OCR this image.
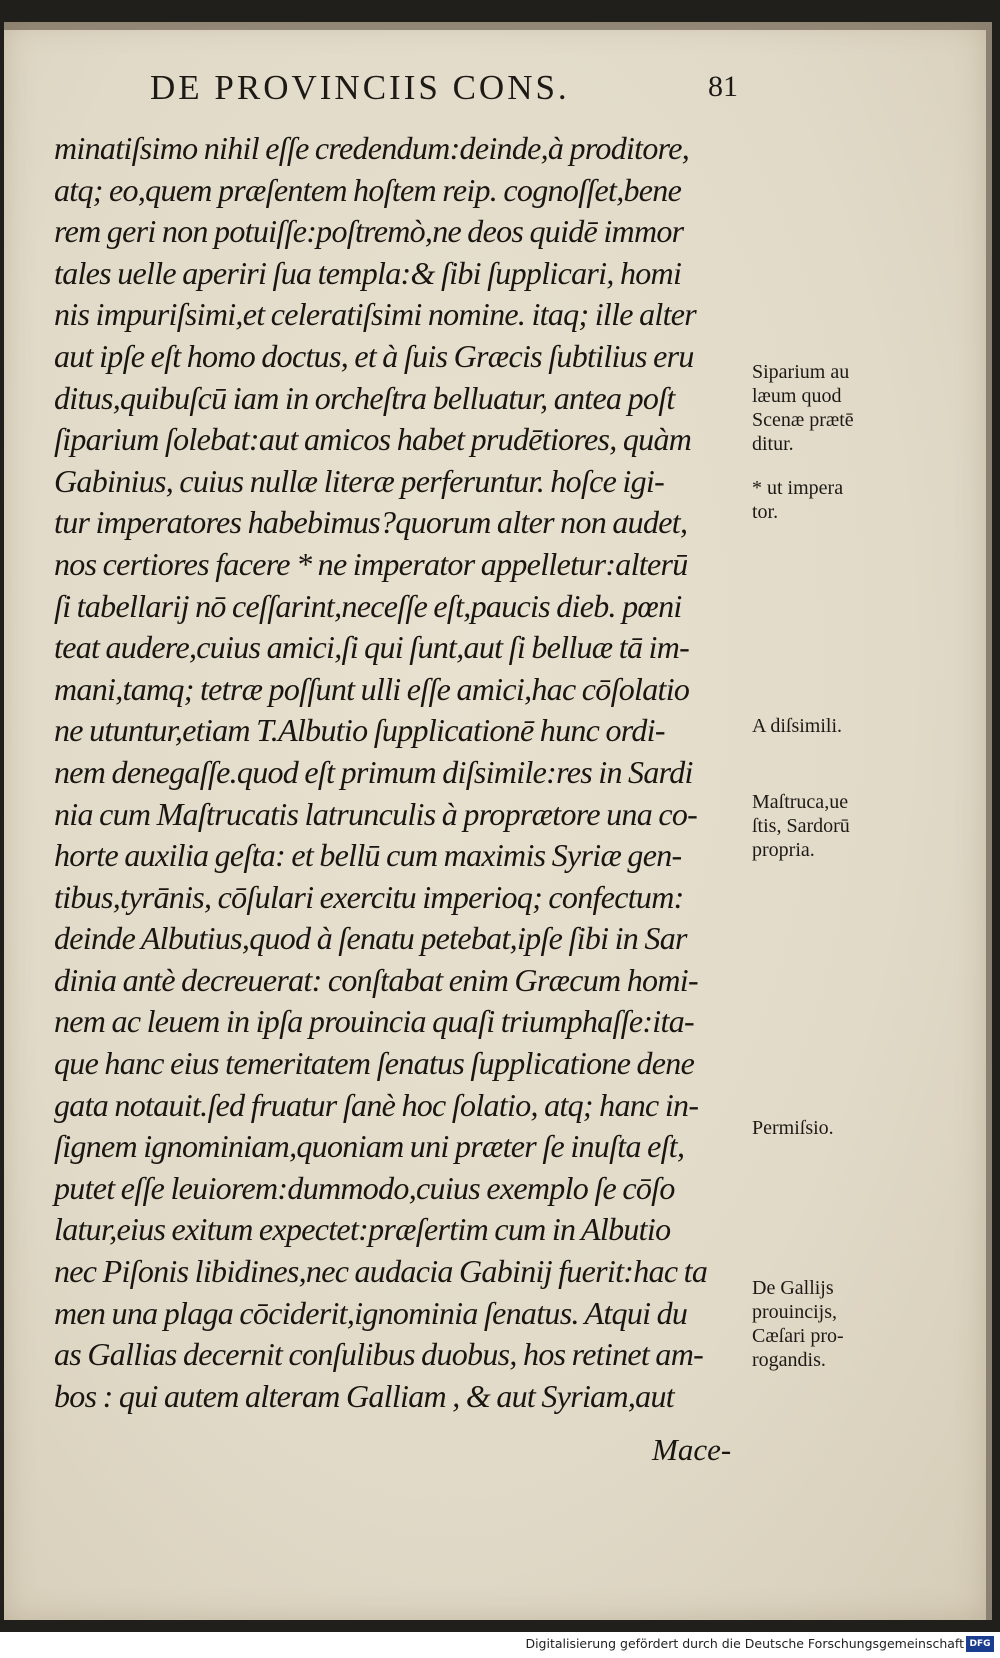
DE PROVINCIIS CONS.	81
minatiſsimo nihil eſſe credendum:deinde,à proditore,
atq; eo,quem præſentem hoſtem reip. cognoſſet,bene
rem geri non potuiſſe:poſtremò,ne deos quidē immor
tales uelle aperiri ſua templa:& ſibi ſupplicari, homi
nis impuriſsimi,et celeratiſsimi nomine. itaq; ille alter
aut ipſe eſt homo doctus, et à ſuis Græcis ſubtilius eru
ditus,quibuſcū iam in orcheſtra belluatur, antea poſt
ſiparium ſolebat:aut amicos habet prudētiores, quàm
Gabinius, cuius nullæ literæ perferuntur. hoſce igi-
tur imperatores habebimus?quorum alter non audet,
nos certiores facere * ne imperator appelletur:alterū
ſi tabellarij nō ceſſarint,neceſſe eſt,paucis dieb. pœni
teat audere,cuius amici,ſi qui ſunt,aut ſi belluæ tā im-
mani,tamq; tetræ poſſunt ulli eſſe amici,hac cōſolatio
ne utuntur,etiam T.Albutio ſupplicationē hunc ordi-
nem denegaſſe.quod eſt primum diſsimile:res in Sardi
nia cum Maſtrucatis latrunculis à proprætore una co-
horte auxilia geſta: et bellū cum maximis Syriæ gen-
tibus,tyrānis, cōſulari exercitu imperioq; confectum:
deinde Albutius,quod à ſenatu petebat,ipſe ſibi in Sar
dinia antè decreuerat: conſtabat enim Græcum homi-
nem ac leuem in ipſa prouincia quaſi triumphaſſe:ita-
que hanc eius temeritatem ſenatus ſupplicatione dene
gata notauit.ſed fruatur ſanè hoc ſolatio, atq; hanc in-
ſignem ignominiam,quoniam uni præter ſe inuſta eſt,
putet eſſe leuiorem:dummodo,cuius exemplo ſe cōſo
latur,eius exitum expectet:præſertim cum in Albutio
nec Piſonis libidines,nec audacia Gabinij fuerit:hac ta
men una plaga cōciderit,ignominia ſenatus. Atqui du
as Gallias decernit conſulibus duobus, hos retinet am-
bos : qui autem alteram Galliam , & aut Syriam,aut
Mace-
Siparium au
læum quod
Scenæ prætē
ditur.
* ut impera
tor.
A diſsimili.
Maſtruca,ue
ſtis, Sardorū
propria.
Permiſsio.
De Gallijs
prouincijs,
Cæſari pro-
rogandis.
Digitalisierung gefördert durch die Deutsche Forschungsgemeinschaft DFG
